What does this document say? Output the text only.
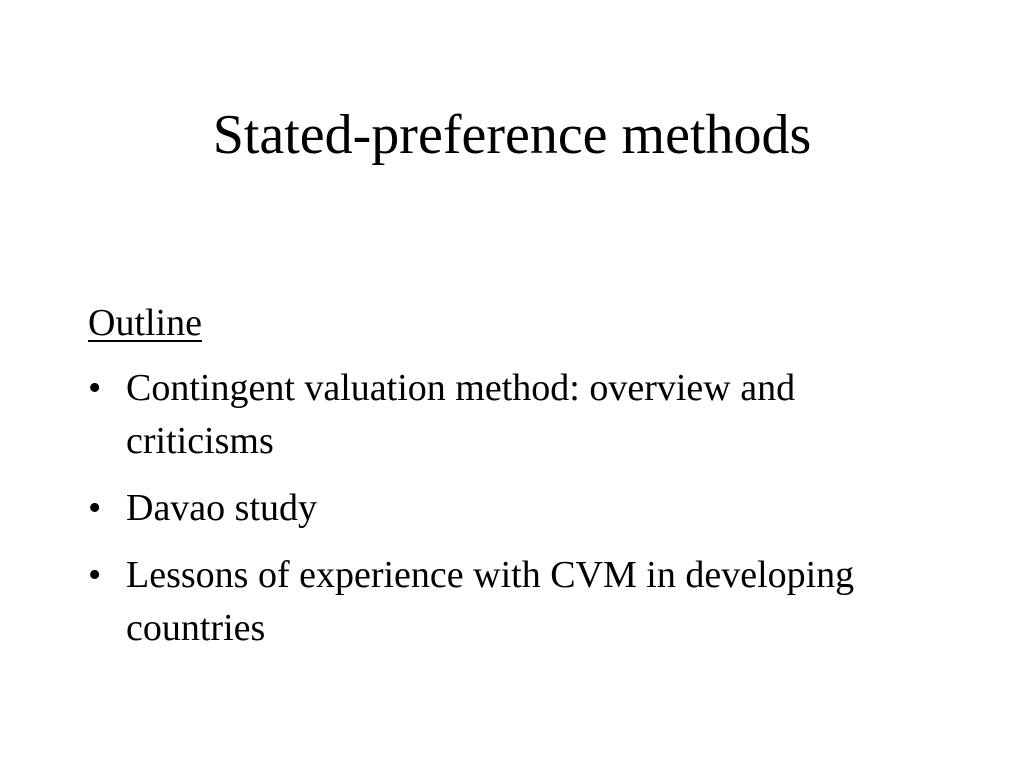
Stated-preference methods

Outline

• Contingent valuation method: overview and criticisms
• Davao study
• Lessons of experience with CVM in developing countries
